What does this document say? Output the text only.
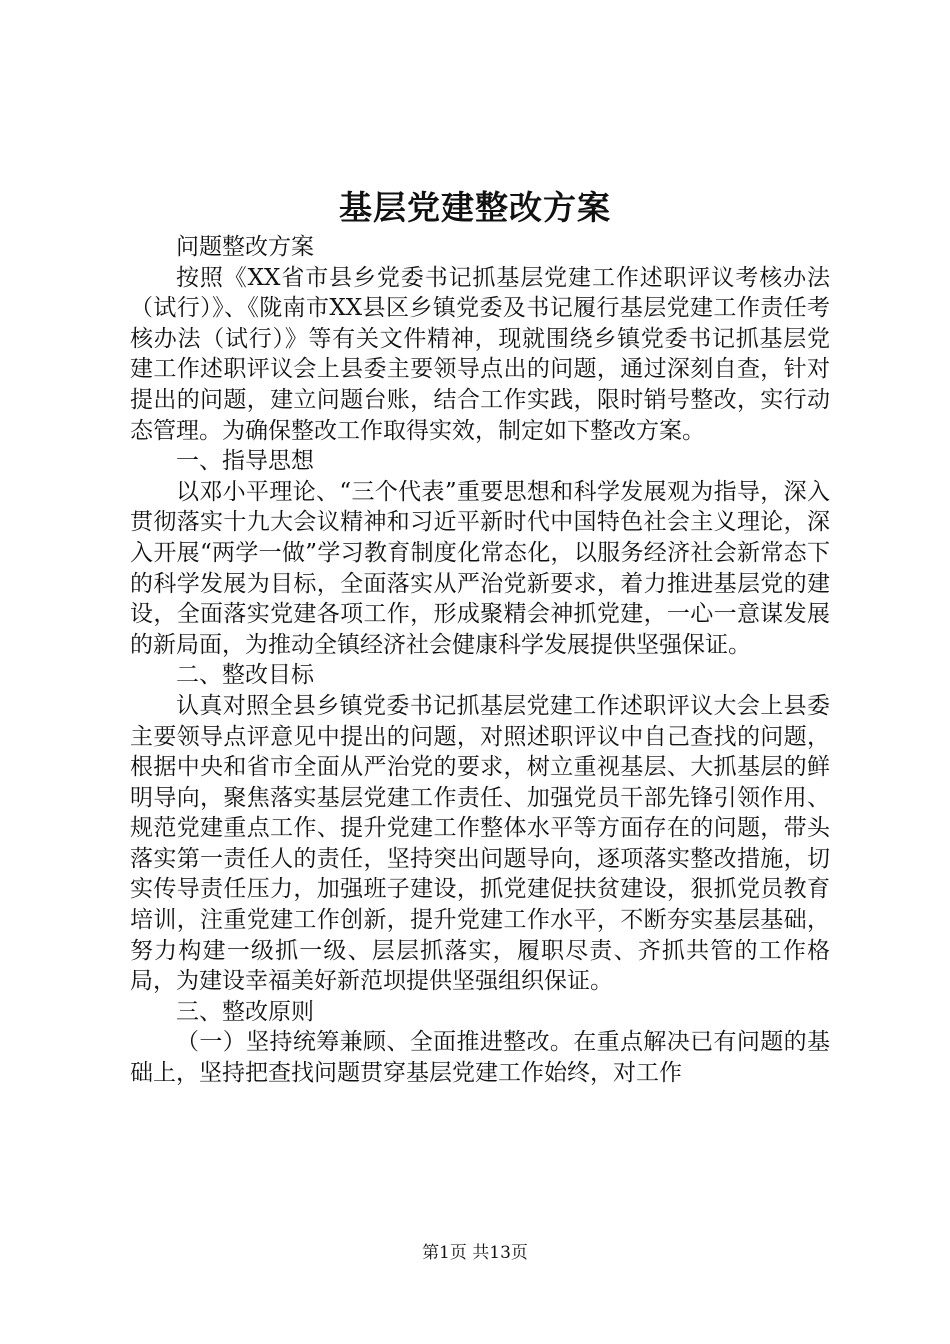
基层党建整改方案

问题整改方案

按照《XX省市县乡党委书记抓基层党建工作述职评议考核办法（试行）》、《陇南市XX县区乡镇党委及书记履行基层党建工作责任考核办法（试行）》等有关文件精神，现就围绕乡镇党委书记抓基层党建工作述职评议会上县委主要领导点出的问题，通过深刻自查，针对提出的问题，建立问题台账，结合工作实践，限时销号整改，实行动态管理。为确保整改工作取得实效，制定如下整改方案。

一、指导思想

以邓小平理论、“三个代表”重要思想和科学发展观为指导，深入贯彻落实十九大会议精神和习近平新时代中国特色社会主义理论，深入开展“两学一做”学习教育制度化常态化，以服务经济社会新常态下的科学发展为目标，全面落实从严治党新要求，着力推进基层党的建设，全面落实党建各项工作，形成聚精会神抓党建，一心一意谋发展的新局面，为推动全镇经济社会健康科学发展提供坚强保证。

二、整改目标

认真对照全县乡镇党委书记抓基层党建工作述职评议大会上县委主要领导点评意见中提出的问题，对照述职评议中自己查找的问题，根据中央和省市全面从严治党的要求，树立重视基层、大抓基层的鲜明导向，聚焦落实基层党建工作责任、加强党员干部先锋引领作用、规范党建重点工作、提升党建工作整体水平等方面存在的问题，带头落实第一责任人的责任，坚持突出问题导向，逐项落实整改措施，切实传导责任压力，加强班子建设，抓党建促扶贫建设，狠抓党员教育培训，注重党建工作创新，提升党建工作水平，不断夯实基层基础，努力构建一级抓一级、层层抓落实，履职尽责、齐抓共管的工作格局，为建设幸福美好新范坝提供坚强组织保证。

三、整改原则

（一）坚持统筹兼顾、全面推进整改。在重点解决已有问题的基础上，坚持把查找问题贯穿基层党建工作始终，对工作

第1页 共13页
